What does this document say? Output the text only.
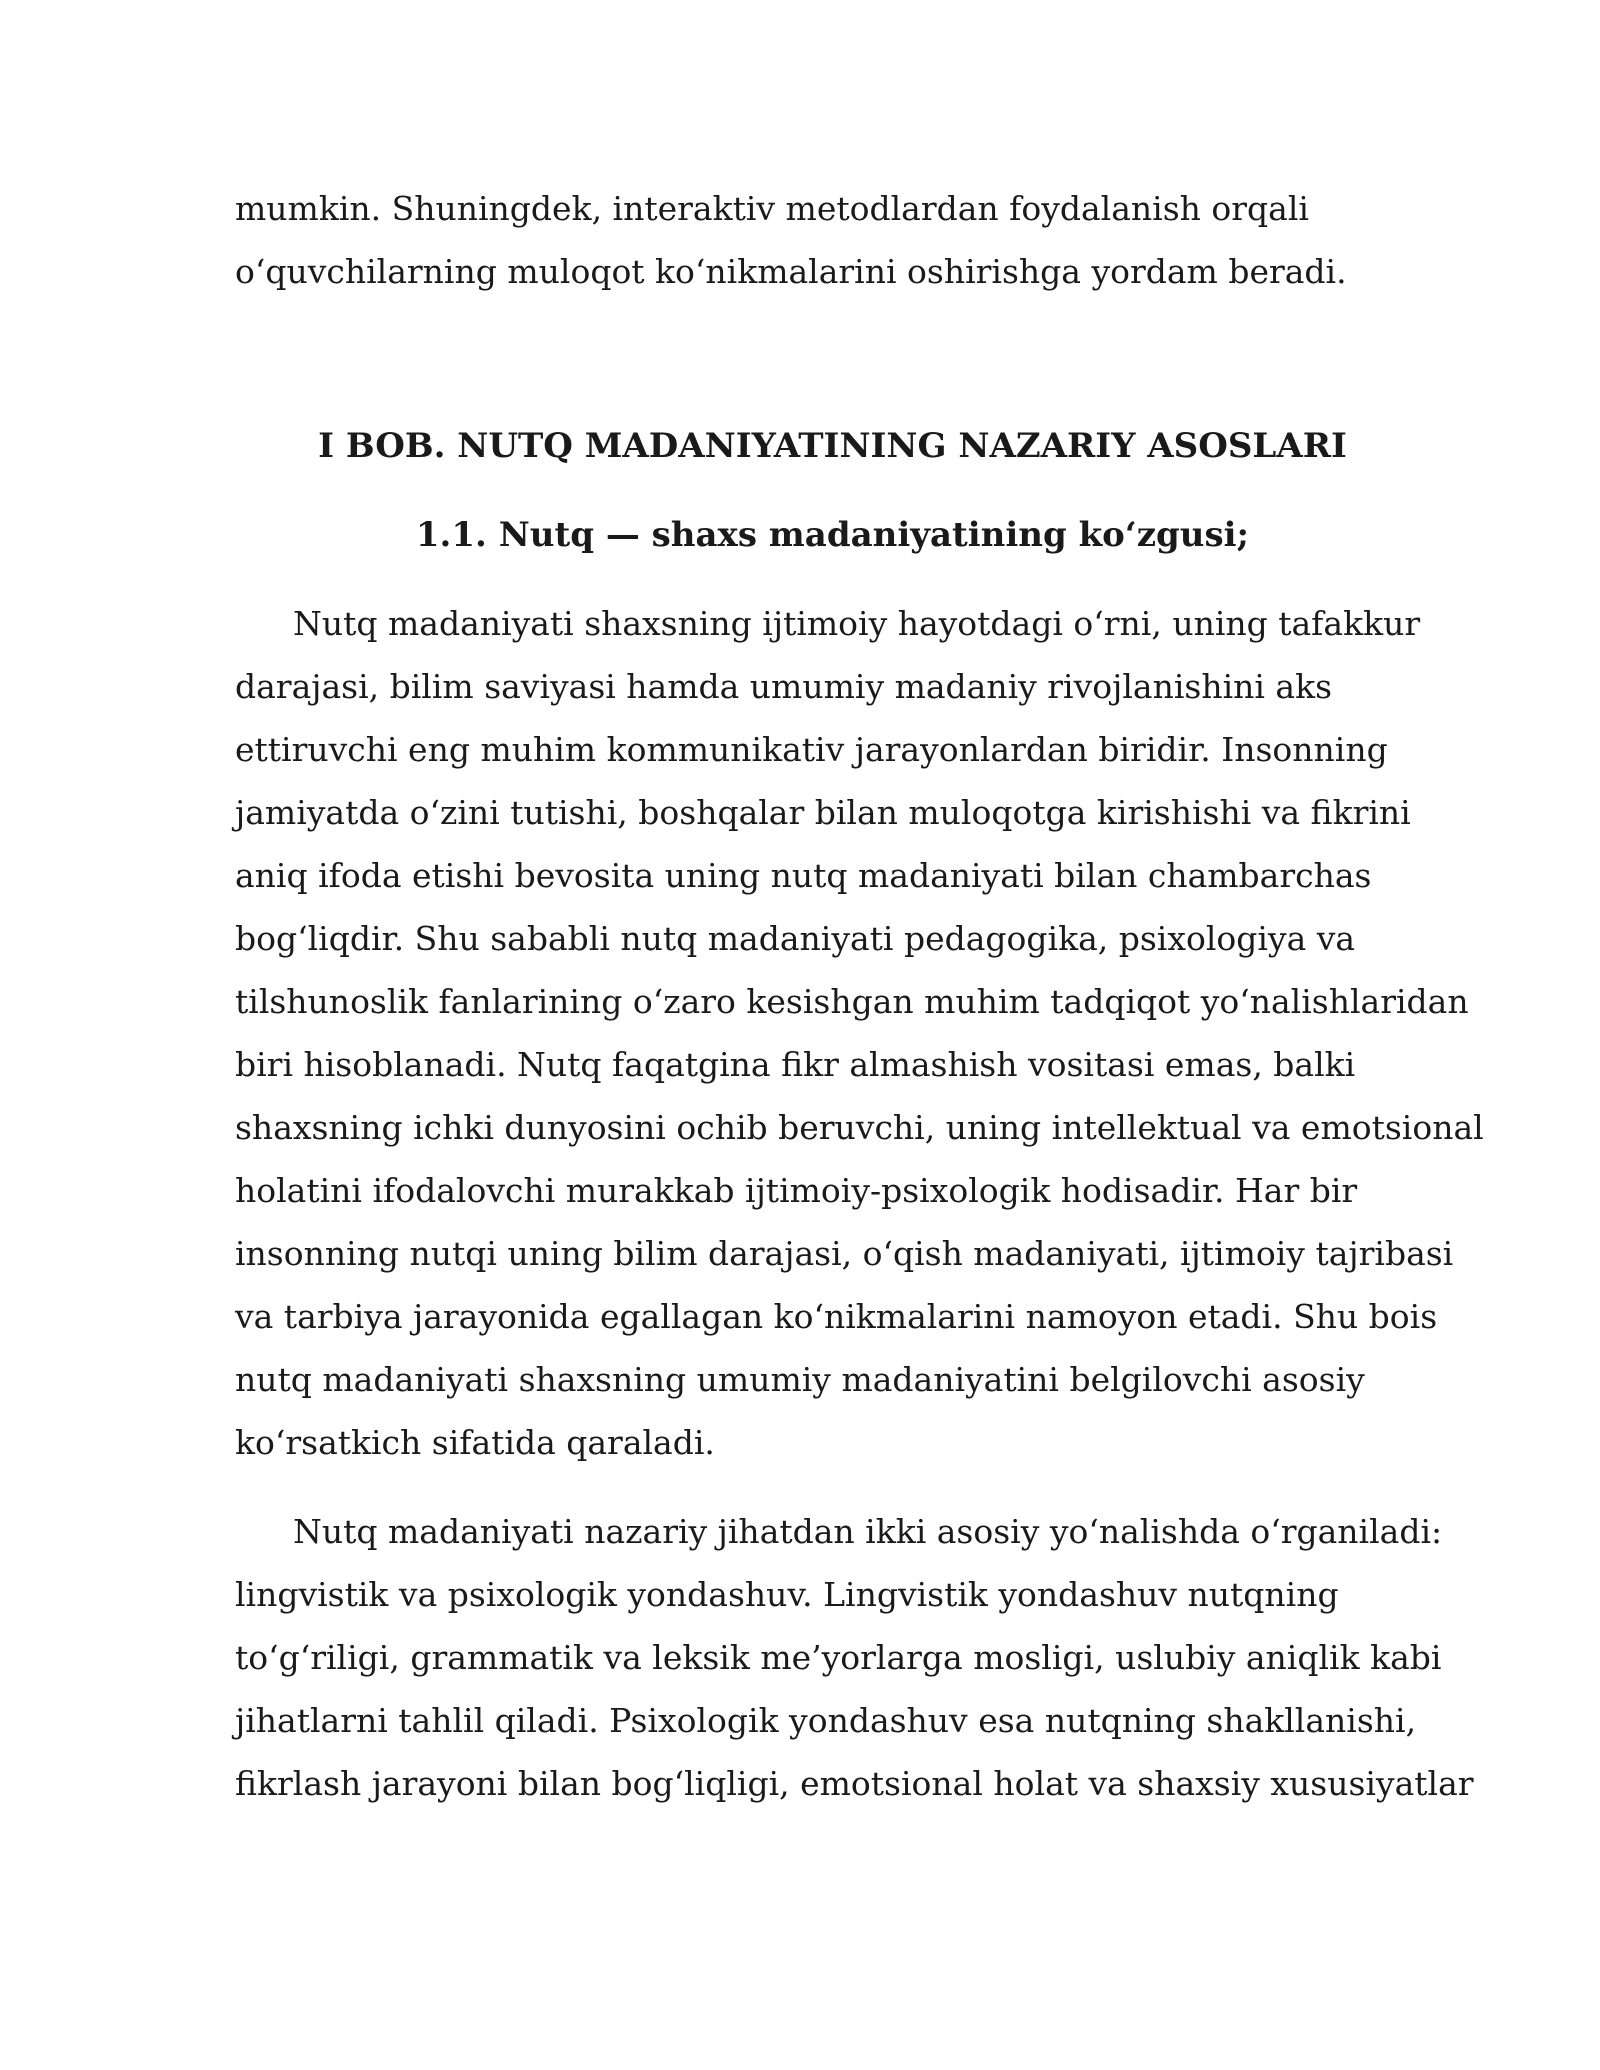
mumkin. Shuningdek, interaktiv metodlardan foydalanish orqali
o‘quvchilarning muloqot ko‘nikmalarini oshirishga yordam beradi.
I BOB. NUTQ MADANIYATINING NAZARIY ASOSLARI
1.1. Nutq — shaxs madaniyatining ko‘zgusi;
Nutq madaniyati shaxsning ijtimoiy hayotdagi o‘rni, uning tafakkur
darajasi, bilim saviyasi hamda umumiy madaniy rivojlanishini aks
ettiruvchi eng muhim kommunikativ jarayonlardan biridir. Insonning
jamiyatda o‘zini tutishi, boshqalar bilan muloqotga kirishishi va fikrini
aniq ifoda etishi bevosita uning nutq madaniyati bilan chambarchas
bog‘liqdir. Shu sababli nutq madaniyati pedagogika, psixologiya va
tilshunoslik fanlarining o‘zaro kesishgan muhim tadqiqot yo‘nalishlaridan
biri hisoblanadi. Nutq faqatgina fikr almashish vositasi emas, balki
shaxsning ichki dunyosini ochib beruvchi, uning intellektual va emotsional
holatini ifodalovchi murakkab ijtimoiy-psixologik hodisadir. Har bir
insonning nutqi uning bilim darajasi, o‘qish madaniyati, ijtimoiy tajribasi
va tarbiya jarayonida egallagan ko‘nikmalarini namoyon etadi. Shu bois
nutq madaniyati shaxsning umumiy madaniyatini belgilovchi asosiy
ko‘rsatkich sifatida qaraladi.
Nutq madaniyati nazariy jihatdan ikki asosiy yo‘nalishda o‘rganiladi:
lingvistik va psixologik yondashuv. Lingvistik yondashuv nutqning
to‘g‘riligi, grammatik va leksik me’yorlarga mosligi, uslubiy aniqlik kabi
jihatlarni tahlil qiladi. Psixologik yondashuv esa nutqning shakllanishi,
fikrlash jarayoni bilan bog‘liqligi, emotsional holat va shaxsiy xususiyatlar
